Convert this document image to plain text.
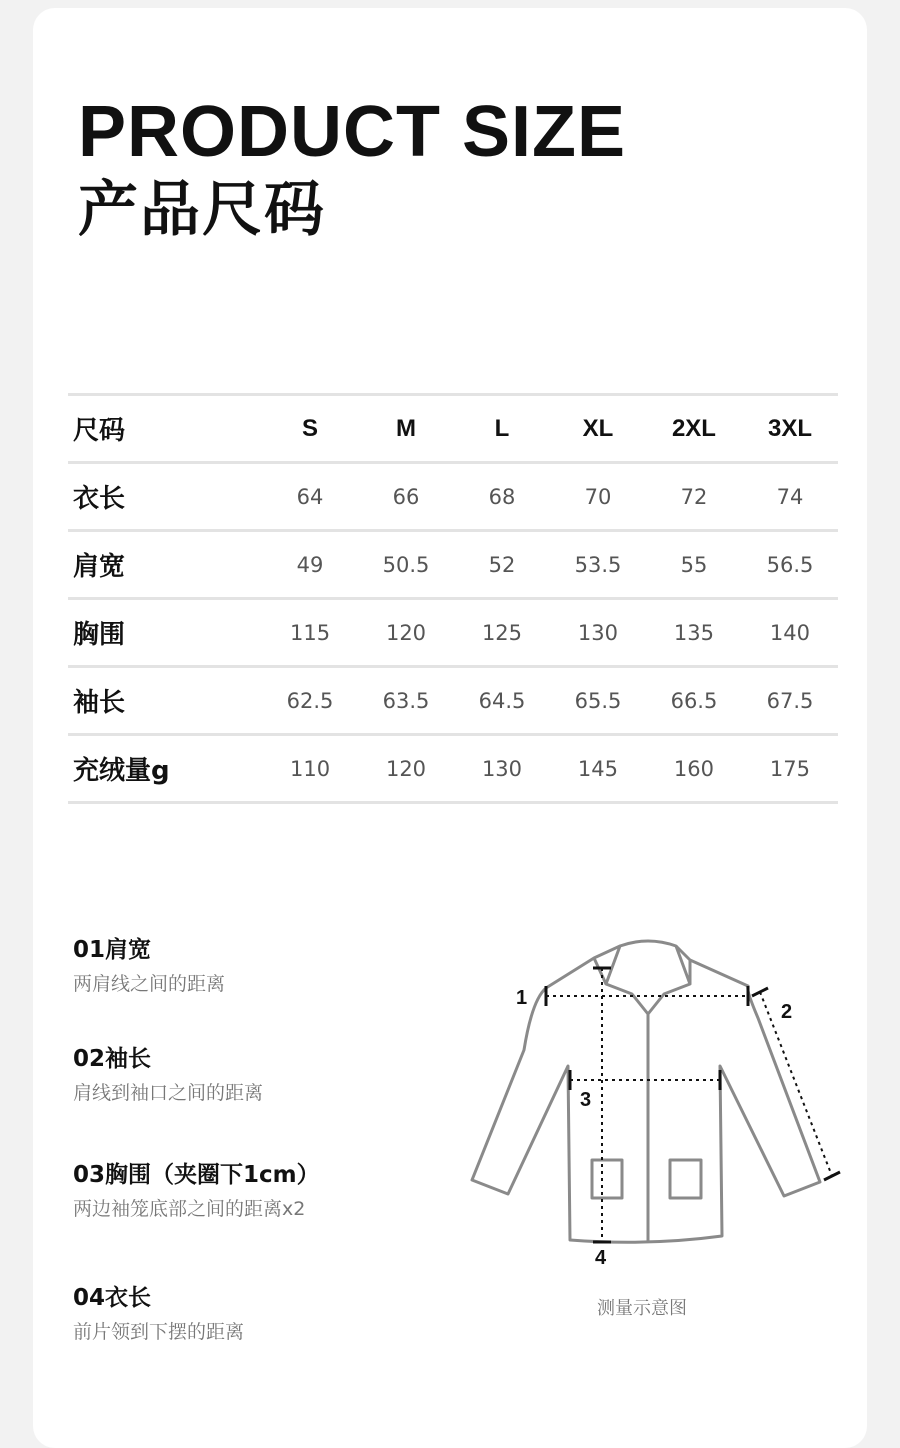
PRODUCT SIZE
产品尺码
尺码	S	M	L	XL	2XL	3XL
衣长	64	66	68	70	72	74
肩宽	49	50.5	52	53.5	55	56.5
胸围	115	120	125	130	135	140
袖长	62.5	63.5	64.5	65.5	66.5	67.5
充绒量g	110	120	130	145	160	175
01肩宽
两肩线之间的距离
02袖长
肩线到袖口之间的距离
03胸围（夹圈下1cm）
两边袖笼底部之间的距离x2
04衣长
前片领到下摆的距离
1
2
3
4
测量示意图
